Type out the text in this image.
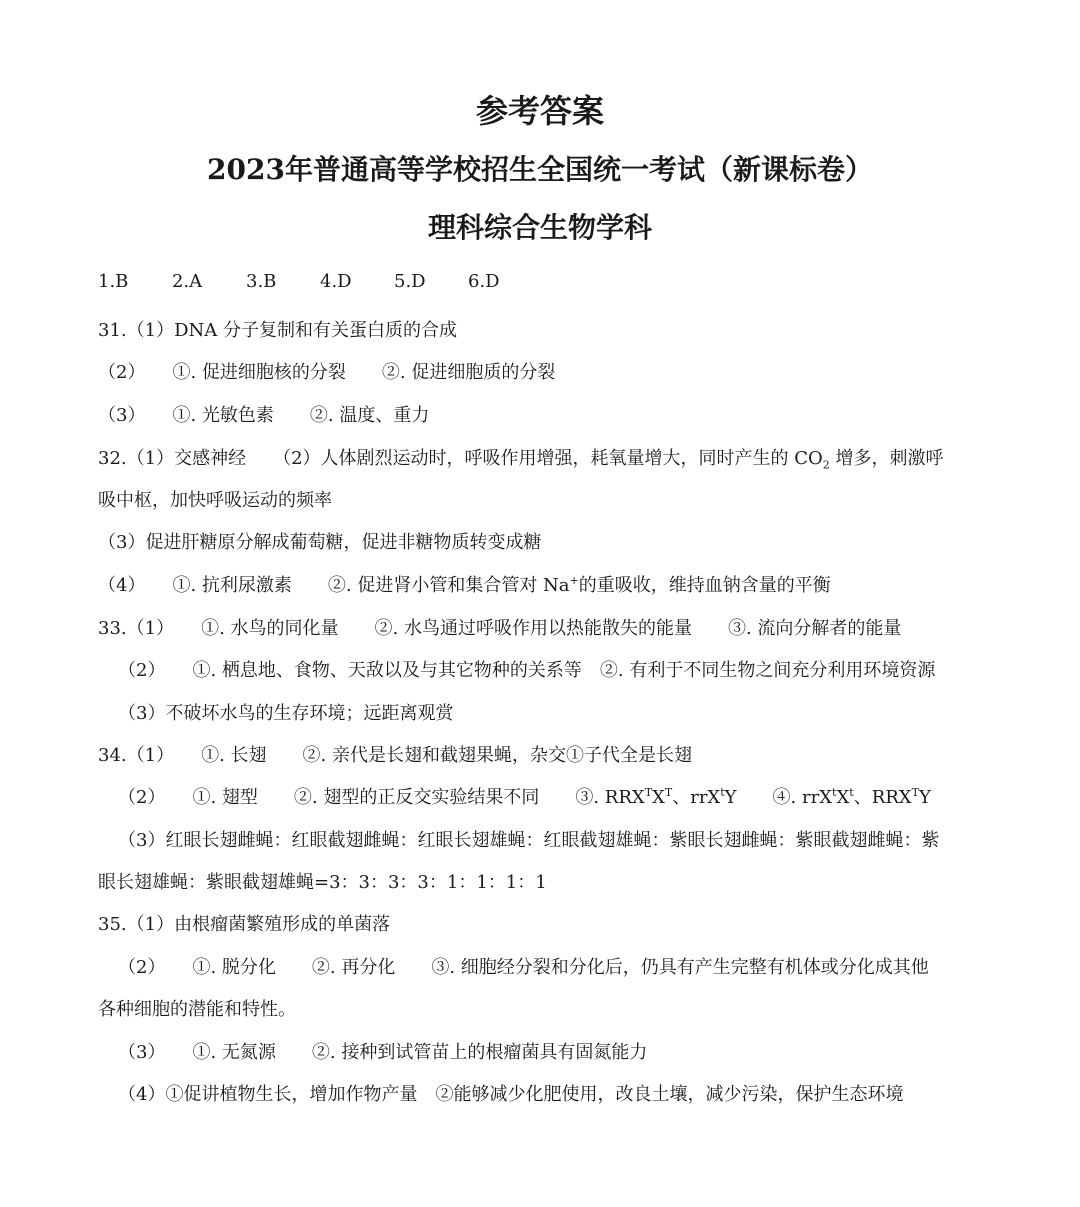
参考答案
2023年普通高等学校招生全国统一考试（新课标卷）
理科综合生物学科
1.B 2.A 3.B 4.D 5.D 6.D
31.（1）DNA 分子复制和有关蛋白质的合成
（2）　　①. 促进细胞核的分裂　　②. 促进细胞质的分裂
（3）　　①. 光敏色素　　②. 温度、重力
32.（1）交感神经　　（2）人体剧烈运动时，呼吸作用增强，耗氧量增大，同时产生的 $CO_2$ 增多，刺激呼
吸中枢，加快呼吸运动的频率
（3）促进肝糖原分解成葡萄糖，促进非糖物质转变成糖
（4）　　①. 抗利尿激素　　②. 促进肾小管和集合管对 Na+的重吸收，维持血钠含量的平衡
33.（1）　　①. 水鸟的同化量　　②. 水鸟通过呼吸作用以热能散失的能量　　③. 流向分解者的能量
（2）　　①. 栖息地、食物、天敌以及与其它物种的关系等　②. 有利于不同生物之间充分利用环境资源
（3）不破坏水鸟的生存环境；远距离观赏
34.（1）　　①. 长翅　　②. 亲代是长翅和截翅果蝇，杂交①子代全是长翅
（2）　　①. 翅型　　②. 翅型的正反交实验结果不同　　③. $RRX^TX^T$、rrX$^t$Y　　④. $rrX^tX^t$、$RRX^TY$
（3）红眼长翅雌蝇：红眼截翅雌蝇：红眼长翅雄蝇：红眼截翅雄蝇：紫眼长翅雌蝇：紫眼截翅雌蝇：紫
眼长翅雄蝇：紫眼截翅雄蝇=3：3：3：3：1：1：1：1
35.（1）由根瘤菌繁殖形成的单菌落
（2）　　①. 脱分化　　②. 再分化　　③. 细胞经分裂和分化后，仍具有产生完整有机体或分化成其他
各种细胞的潜能和特性。
（3）　　①. 无氮源　　②. 接种到试管苗上的根瘤菌具有固氮能力
（4）①促讲植物生长，增加作物产量　②能够减少化肥使用，改良土壤，减少污染，保护生态环境
